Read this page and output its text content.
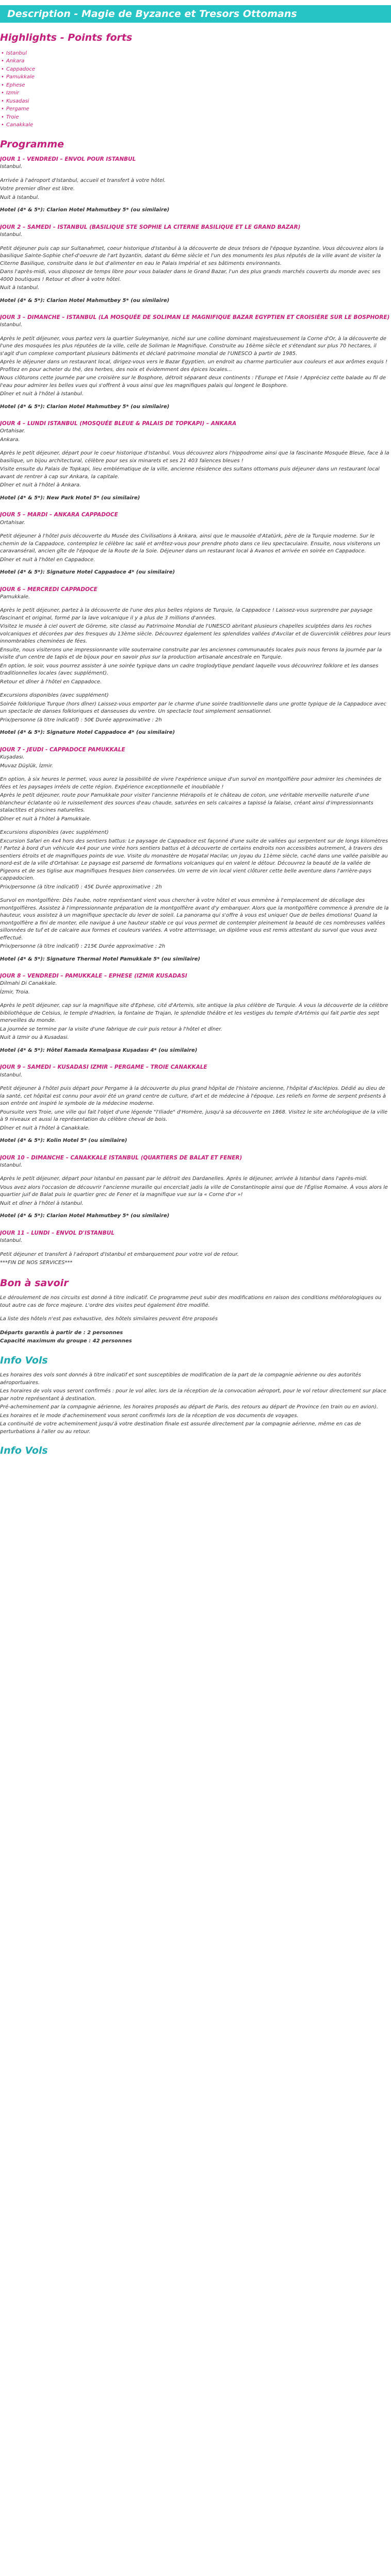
Description - Magie de Byzance et Tresors Ottomans
Highlights - Points forts
• Istanbul
• Ankara
• Cappadoce
• Pamukkale
• Ephese
• Izmir
• Kusadasi
• Pergame
• Troie
• Canakkale
Programme
JOUR 1 - VENDREDI – ENVOL POUR ISTANBUL
Istanbul.

Arrivée à l'aéroport d'Istanbul, accueil et transfert à votre hôtel.

Votre premier dîner est libre.

Nuit à Istanbul.

Hotel (4* & 5*): Clarion Hotel Mahmutbey 5* (ou similaire)
JOUR 2 – SAMEDI – ISTANBUL (BASILIQUE STE SOPHIE LA CITERNE BASILIQUE ET LE GRAND BAZAR)
Istanbul.

Petit déjeuner puis cap sur Sultanahmet, coeur historique d'Istanbul à la découverte de deux trésors de l'époque byzantine. Vous découvrez alors la basilique Sainte-Sophie chef-d'oeuvre de l'art byzantin, datant du 6ème siècle et l'un des monuments les plus réputés de la ville avant de visiter la Citerne Basilique, construite dans le but d'alimenter en eau le Palais Impérial et ses bâtiments environnants.

Dans l'après-midi, vous disposez de temps libre pour vous balader dans le Grand Bazar, l'un des plus grands marchés couverts du monde avec ses 4000 boutiques ! Retour et dîner à votre hôtel.

Nuit à Istanbul.

Hotel (4* & 5*): Clarion Hotel Mahmutbey 5* (ou similaire)
JOUR 3 – DIMANCHE – ISTANBUL (LA MOSQUÉE DE SOLIMAN LE MAGNIFIQUE BAZAR EGYPTIEN ET CROISIÈRE SUR LE BOSPHORE)
Istanbul.

Après le petit déjeuner, vous partez vers la quartier Suleymaniye, niché sur une colline dominant majestueusement la Corne d'Or, à la découverte de l'une des mosquées les plus réputées de la ville, celle de Soliman le Magnifique. Construite au 16ème siècle et s'étendant sur plus 70 hectares, il s'agit d'un complexe comportant plusieurs bâtiments et déclaré patrimoine mondial de l'UNESCO à partir de 1985.

Après le déjeuner dans un restaurant local, dirigez-vous vers le Bazar Egyptien, un endroit au charme particulier aux couleurs et aux arômes exquis ! Profitez en pour acheter du thé, des herbes, des noix et évidemment des épices locales...

Nous clôturons cette journée par une croisière sur le Bosphore, détroit séparant deux continents : l'Europe et l'Asie ! Appréciez cette balade au fil de l'eau pour admirer les belles vues qui s'offrent à vous ainsi que les magnifiques palais qui longent le Bosphore.

Dîner et nuit à l'hôtel à Istanbul.

Hotel (4* & 5*): Clarion Hotel Mahmutbey 5* (ou similaire)
JOUR 4 – LUNDI ISTANBUL (MOSQUÉE BLEUE & PALAIS DE TOPKAPI) – ANKARA
Ortahisar.
Ankara.

Après le petit déjeuner, départ pour le coeur historique d'Istanbul. Vous découvrez alors l'hippodrome ainsi que la fascinante Mosquée Bleue, face à la basilique, un bijou architectural, célèbre pour ses six minarets et ses 21 403 faïences bleues !

Visite ensuite du Palais de Topkapi, lieu emblématique de la ville, ancienne résidence des sultans ottomans puis déjeuner dans un restaurant local avant de rentrer à cap sur Ankara, la capitale.

Dîner et nuit à l'hôtel à Ankara.

Hotel (4* & 5*): New Park Hotel 5* (ou similaire)
JOUR 5 – MARDI – ANKARA CAPPADOCE
Ortahisar.

Petit déjeuner à l'hôtel puis découverte du Musée des Civilisations à Ankara, ainsi que le mausolée d'Atatürk, père de la Turquie moderne. Sur le chemin de la Cappadoce, contemplez le célèbre lac salé et arrêtez-vous pour prendre photo dans ce lieu spectaculaire. Ensuite, nous visiterons un caravansérail, ancien gîte de l'époque de la Route de la Soie. Déjeuner dans un restaurant local à Avanos et arrivée en soirée en Cappadoce.

Dîner et nuit à l'hôtel en Cappadoce.

Hotel (4* & 5*): Signature Hotel Cappadoce 4* (ou similaire)
JOUR 6 – MERCREDI CAPPADOCE
Pamukkale.

Après le petit déjeuner, partez à la découverte de l'une des plus belles régions de Turquie, la Cappadoce ! Laissez-vous surprendre par paysage fascinant et original, formé par la lave volcanique il y a plus de 3 millions d'années.

Visitez le musée à ciel ouvert de Göreme, site classé au Patrimoine Mondial de l'UNESCO abritant plusieurs chapelles sculptées dans les roches volcaniques et décorées par des fresques du 13ème siècle. Découvrez également les splendides vallées d'Avcilar et de Guvercinlik célèbres pour leurs innombrables cheminées de fées.

Ensuite, nous visiterons une impressionnante ville souterraine construite par les anciennes communautés locales puis nous ferons la journée par la visite d'un centre de tapis et de bijoux pour en savoir plus sur la production artisanale ancestrale en Turquie.

En option, le soir, vous pourrez assister à une soirée typique dans un cadre troglodytique pendant laquelle vous découvrirez folklore et les danses traditionnelles locales (avec supplément).

Retour et dîner à l'hôtel en Cappadoce.

Excursions disponibles (avec supplément)

Soirée folklorique Turque (hors dîner) Laissez-vous emporter par le charme d'une soirée traditionnelle dans une grotte typique de la Cappadoce avec un spectacle de danses folkloriques et danseuses du ventre. Un spectacle tout simplement sensationnel.

Prix/personne (à titre indicatif) : 50€ Durée approximative : 2h

Hotel (4* & 5*): Signature Hotel Cappadoce 4* (ou similaire)
JOUR 7 - JEUDI - CAPPADOCE PAMUKKALE
Kuşadası.
Muvaz Düşlük, İzmir.

En option, à six heures le permet, vous aurez la possibilité de vivre l'expérience unique d'un survol en montgolfière pour admirer les cheminées de fées et les paysages irréels de cette région. Expérience exceptionnelle et inoubliable !

Après le petit déjeuner, route pour Pamukkale pour visiter l'ancienne Hiérapolis et le château de coton, une véritable merveille naturelle d'une blancheur éclatante où le ruissellement des sources d'eau chaude, saturées en sels calcaires a tapissé la falaise, créant ainsi d'impressionnants stalactites et piscines naturelles.

Dîner et nuit à l'hôtel à Pamukkale.

Excursions disponibles (avec supplément)

Excursion Safari en 4x4 hors des sentiers battus: Le paysage de Cappadoce est façonné d'une suite de vallées qui serpentent sur de longs kilomètres ! Partez à bord d'un véhicule 4x4 pour une virée hors sentiers battus et à découverte de certains endroits non accessibles autrement, à travers des sentiers étroits et de magnifiques points de vue. Visite du monastère de Hoşatal Hacilar, un joyau du 11ème siècle, caché dans une vallée paisible au nord-est de la ville d'Ortahisar. Le paysage est parsemé de formations volcaniques qui en valent le détour. Découvrez la beauté de la vallée de Pigeons et de ses tiglise aux magnifiques fresques bien conservées. Un verre de vin local vient clôturer cette belle aventure dans l'arrière-pays cappadocien.

Prix/personne (à titre indicatif) : 45€ Durée approximative : 2h

Survol en montgolfière: Dès l'aube, notre représentant vient vous chercher à votre hôtel et vous emmène à l'emplacement de décollage des montgolfières. Assistez à l'impressionnante préparation de la montgolfière avant d'y embarquer. Alors que la montgolfière commence à prendre de la hauteur, vous assistez à un magnifique spectacle du lever de soleil. La panorama qui s'offre à vous est unique! Que de belles émotions! Quand la montgolfière a fini de monter, elle navigue à une hauteur stable ce qui vous permet de contempler pleinement la beauté de ces nombreuses vallées sillonnées de tuf et de calcaire aux formes et couleurs variées. A votre atterrissage, un diplôme vous est remis attestant du survol que vous avez effectué.

Prix/personne (à titre indicatif) : 215€ Durée approximative : 2h

Hotel (4* & 5*): Signature Thermal Hotel Pamukkale 5* (ou similaire)
JOUR 8 – VENDREDI – PAMUKKALE – EPHESE (IZMIR KUSADASI
Dilmahi Di Canakkale.
İzmir, Troia.

Après le petit déjeuner, cap sur la magnifique site d'Ephese, cité d'Artemis, site antique la plus célèbre de Turquie. À vous la découverte de la célèbre bibliothèque de Celsius, le temple d'Hadrien, la fontaine de Trajan, le splendide théâtre et les vestiges du temple d'Artémis qui fait partie des sept merveilles du monde.

La journée se termine par la visite d'une fabrique de cuir puis retour à l'hôtel et dîner.

Nuit à Izmir ou à Kusadasi.

Hotel (4* & 5*): Hôtel Ramada Kemalpasa Kuşadası 4* (ou similaire)
JOUR 9 – SAMEDI – KUSADASI IZMIR – PERGAME – TROIE CANAKKALE
Istanbul.

Petit déjeuner à l'hôtel puis départ pour Pergame à la découverte du plus grand hôpital de l'histoire ancienne, l'hôpital d'Asclépios. Dédié au dieu de la santé, cet hôpital est connu pour avoir été un grand centre de culture, d'art et de médecine à l'époque. Les reliefs en forme de serpent présents à son entrée ont inspiré le symbole de la médecine moderne.

Poursuite vers Troie, une ville qui fait l'objet d'une légende "l'Iliade" d'Homère, jusqu'à sa découverte en 1868. Visitez le site archéologique de la ville à 9 niveaux et aussi la représentation du célèbre cheval de bois.

Dîner et nuit à l'hôtel à Canakkale.

Hotel (4* & 5*): Kolin Hotel 5* (ou similaire)
JOUR 10 – DIMANCHE – CANAKKALE ISTANBUL (QUARTIERS DE BALAT ET FENER)
Istanbul.

Après le petit déjeuner, départ pour Istanbul en passant par le détroit des Dardanelles. Après le déjeuner, arrivée à Istanbul dans l'après-midi.

Vous avez alors l'occasion de découvrir l'ancienne muraille qui encerclait jadis la ville de Constantinople ainsi que de l'Église Romaine. À vous alors le quartier juif de Balat puis le quartier grec de Fener et la magnifique vue sur la « Corne d'or »!

Nuit et dîner à l'hôtel à Istanbul.

Hotel (4* & 5*): Clarion Hotel Mahmutbey 5* (ou similaire)
JOUR 11 – LUNDI – ENVOL D'ISTANBUL
Istanbul.

Petit déjeuner et transfert à l'aéroport d'Istanbul et embarquement pour votre vol de retour.

***FIN DE NOS SERVICES***

Bon à savoir

Le déroulement de nos circuits est donné à titre indicatif. Ce programme peut subir des modifications en raison des conditions météorologiques ou tout autre cas de force majeure. L'ordre des visites peut également être modifié.

La liste des hôtels n'est pas exhaustive, des hôtels similaires peuvent être proposés

Départs garantis à partir de : 2 personnes

Capacité maximum du groupe : 42 personnes

Info Vols

Les horaires des vols sont donnés à titre indicatif et sont susceptibles de modification de la part de la compagnie aérienne ou des autorités aéroportuaires.

Les horaires de vols vous seront confirmés : pour le vol aller, lors de la réception de la convocation aéroport, pour le vol retour directement sur place par notre représentant à destination.

Pré-acheminement par la compagnie aérienne, les horaires proposés au départ de Paris, des retours au départ de Province (en train ou en avion).

Les horaires et le mode d'acheminement vous seront confirmés lors de la réception de vos documents de voyages.

La continuité de votre acheminement jusqu'à votre destination finale est assurée directement par la compagnie aérienne, même en cas de perturbations à l'aller ou au retour.

Info Vols
